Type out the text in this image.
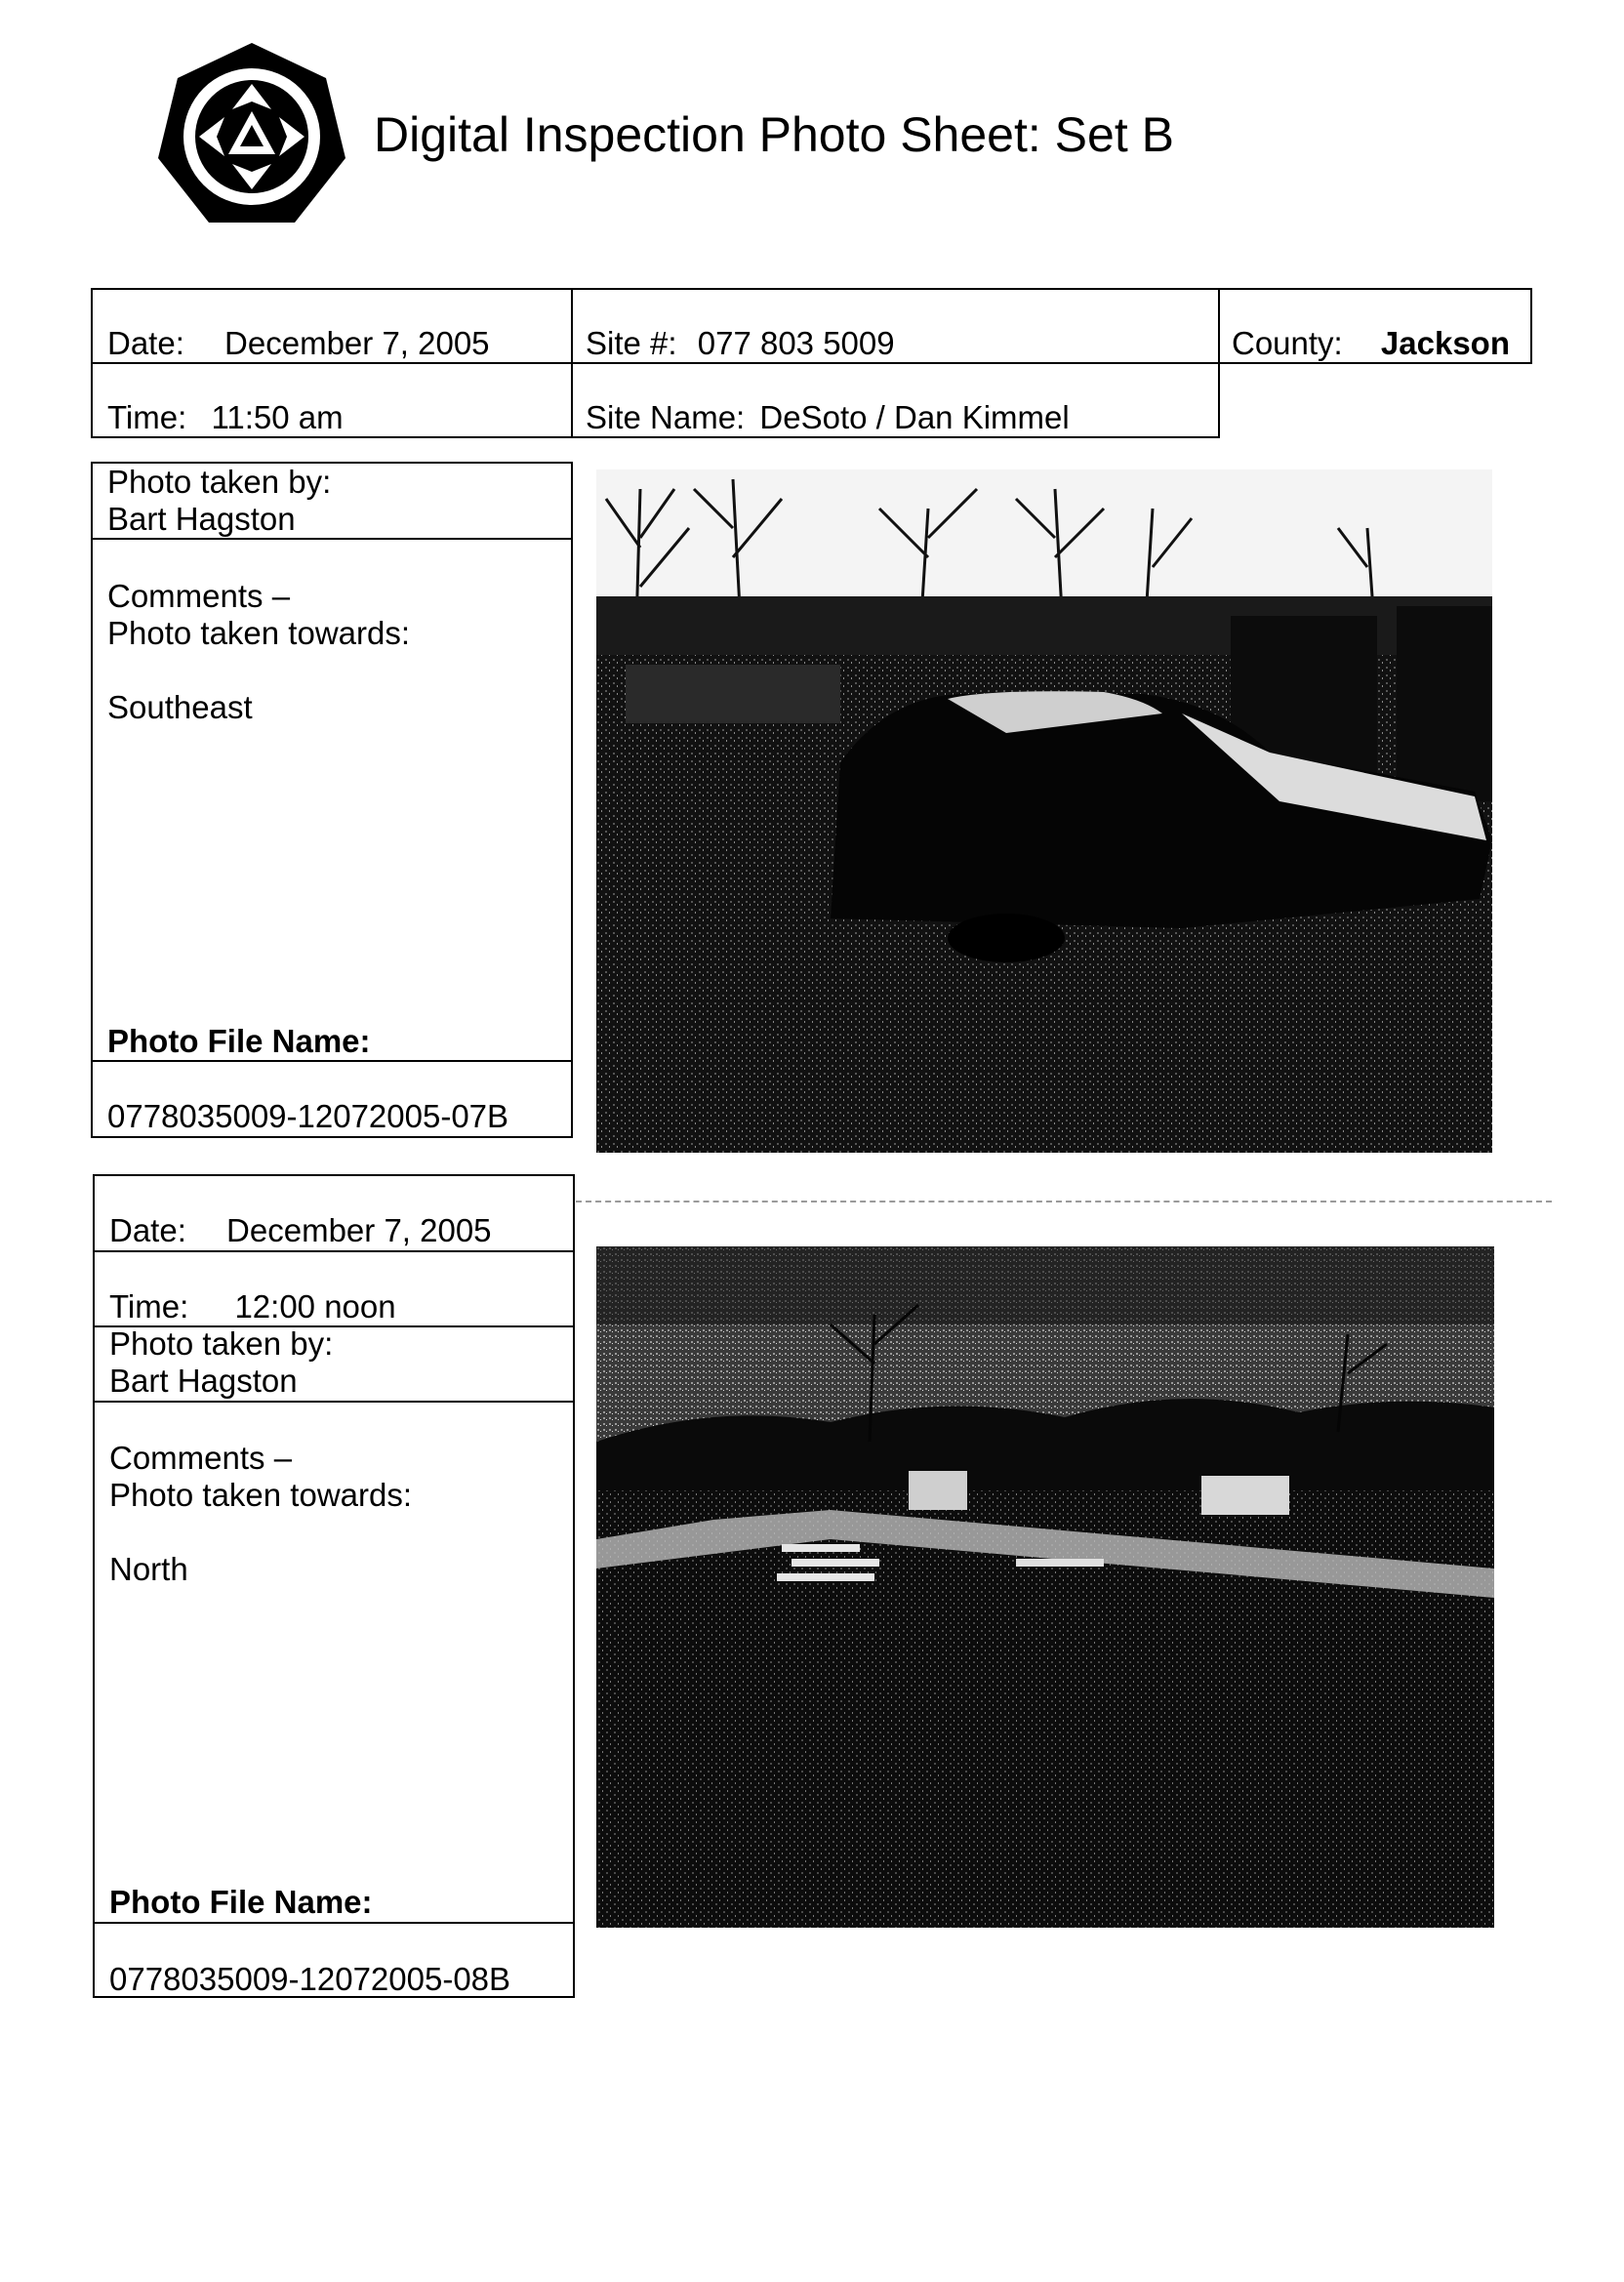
Digital Inspection Photo Sheet: Set B
Date: December 7, 2005
Time: 11:50 am
Site #: 077 803 5009
Site Name: DeSoto / Dan Kimmel
County: Jackson
Photo taken by:
Bart Hagston
Comments –
Photo taken towards:
Southeast
Photo File Name:
0778035009-12072005-07B
Date: December 7, 2005
Time: 12:00 noon
Photo taken by:
Bart Hagston
Comments –
Photo taken towards:
North
Photo File Name:
0778035009-12072005-08B
